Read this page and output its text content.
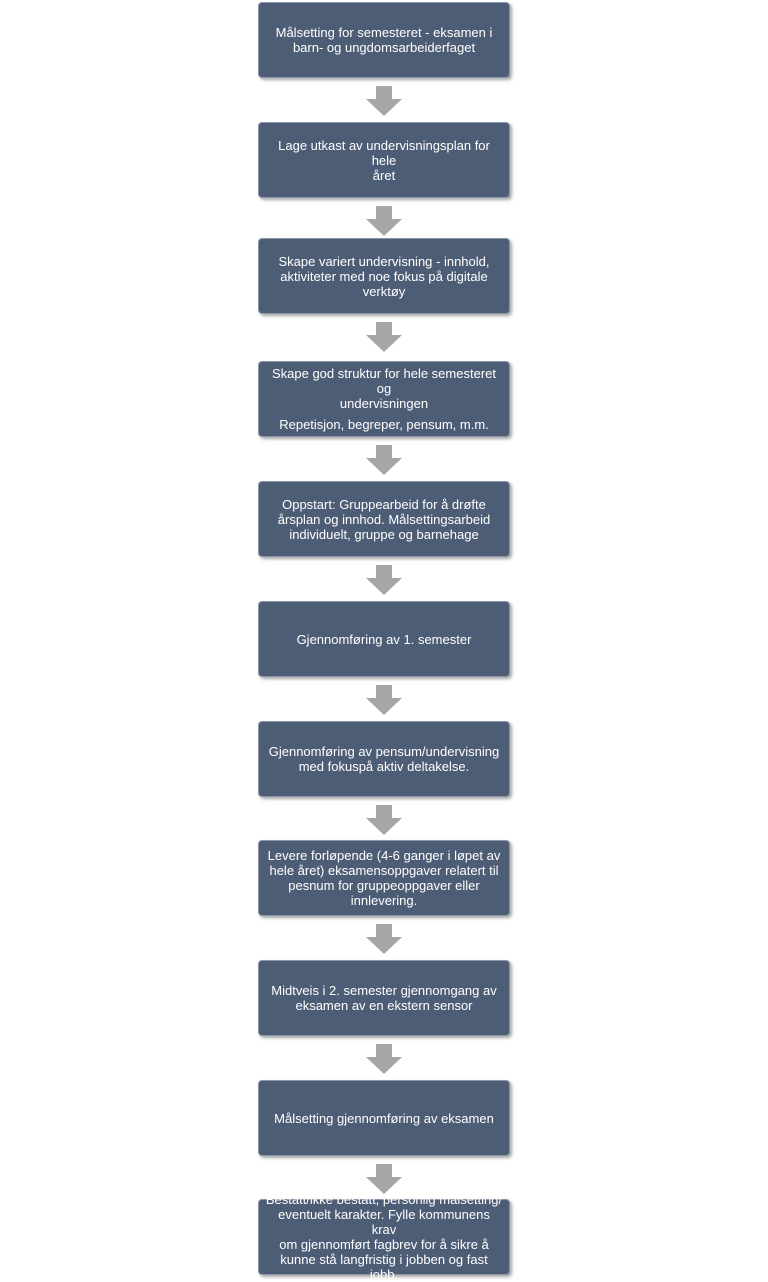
Målsetting for semesteret - eksamen i
barn- og ungdomsarbeiderfaget
Lage utkast av undervisningsplan for hele
året
Skape variert undervisning - innhold,
aktiviteter med noe fokus på digitale
verktøy
Skape god struktur for hele semesteret og
undervisningen
Repetisjon, begreper, pensum, m.m.
Oppstart: Gruppearbeid for å drøfte
årsplan og innhod. Målsettingsarbeid
individuelt, gruppe og barnehage
Gjennomføring av 1. semester
Gjennomføring av pensum/undervisning
med fokuspå aktiv deltakelse.
Levere forløpende (4-6 ganger i løpet av
hele året) eksamensoppgaver relatert til
pesnum for gruppeoppgaver eller
innlevering.
Midtveis i 2. semester gjennomgang av
eksamen av en ekstern sensor
Målsetting gjennomføring av eksamen
Bestått/ikke bestått, personlig målsetting/
eventuelt karakter. Fylle kommunens krav
om gjennomført fagbrev for å sikre å
kunne stå langfristig i jobben og fast jobb.
